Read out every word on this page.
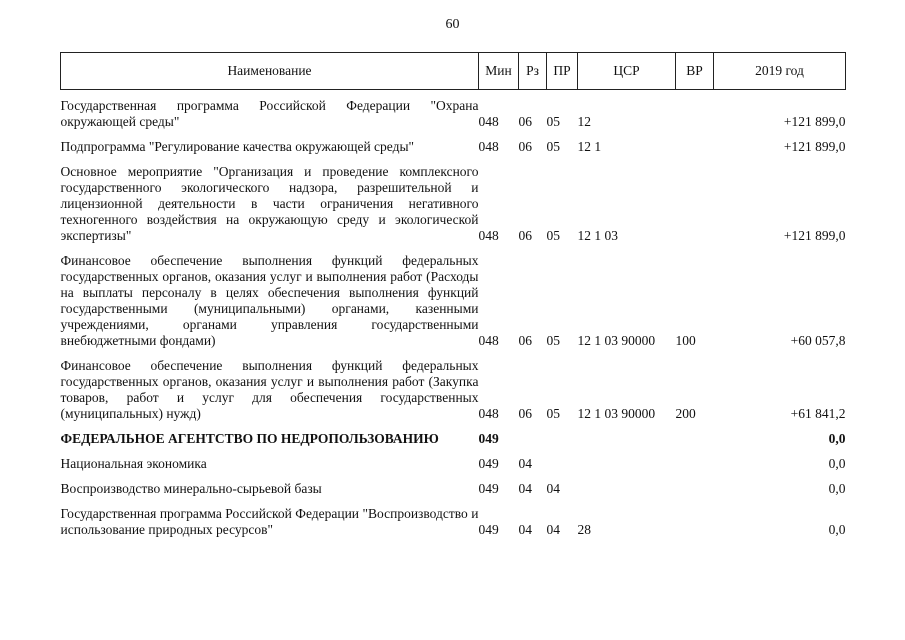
60
Наименование	Мин	Рз	ПР	ЦСР	ВР	2019 год

Государственная программа Российской Федерации "Охрана окружающей среды"	048	06	05	12		+121 899,0
Подпрограмма "Регулирование качества окружающей среды"	048	06	05	12 1		+121 899,0
Основное мероприятие "Организация и проведение комплексного государственного экологического надзора, разрешительной и лицензионной деятельности в части ограничения негативного техногенного воздействия на окружающую среду и экологической экспертизы"	048	06	05	12 1 03		+121 899,0
Финансовое обеспечение выполнения функций федеральных государственных органов, оказания услуг и выполнения работ (Расходы на выплаты персоналу в целях обеспечения выполнения функций государственными (муниципальными) органами, казенными учреждениями, органами управления государственными внебюджетными фондами)	048	06	05	12 1 03 90000	100	+60 057,8
Финансовое обеспечение выполнения функций федеральных государственных органов, оказания услуг и выполнения работ (Закупка товаров, работ и услуг для обеспечения государственных (муниципальных) нужд)	048	06	05	12 1 03 90000	200	+61 841,2
ФЕДЕРАЛЬНОЕ АГЕНТСТВО ПО НЕДРОПОЛЬЗОВАНИЮ	049					0,0
Национальная экономика	049	04				0,0
Воспроизводство минерально-сырьевой базы	049	04	04			0,0
Государственная программа Российской Федерации "Воспроизводство и использование природных ресурсов"	049	04	04	28		0,0
